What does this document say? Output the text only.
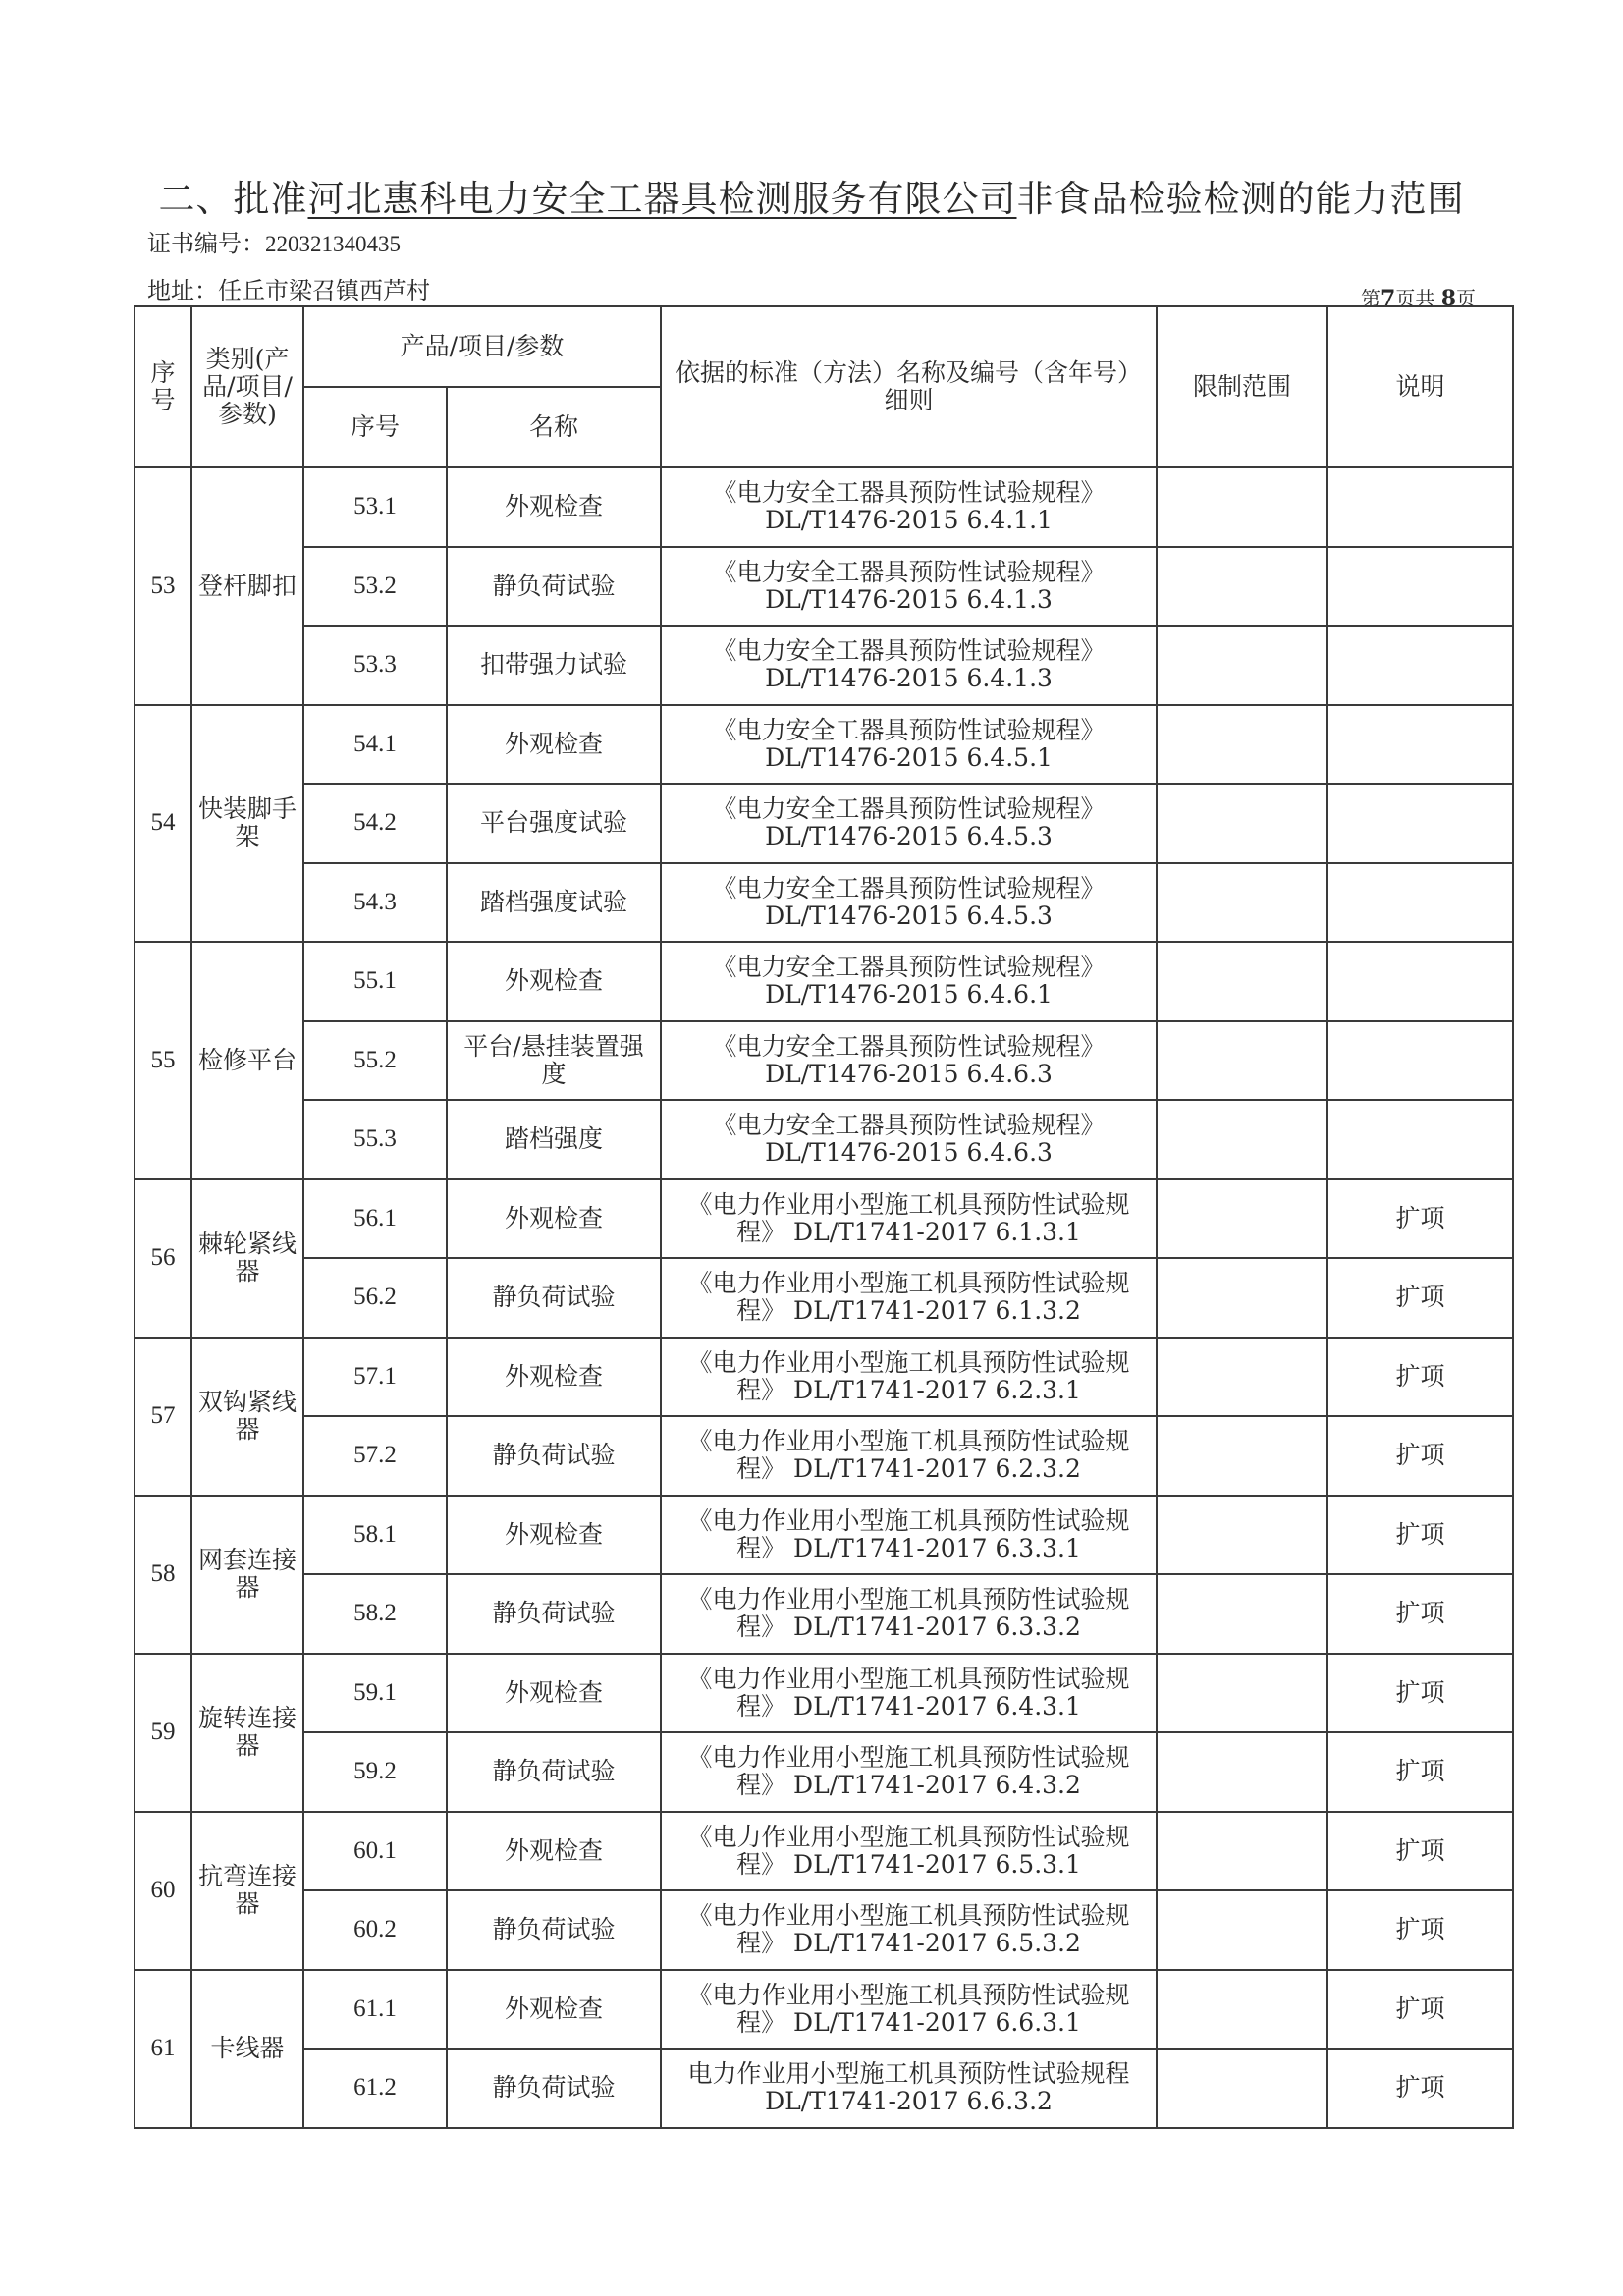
二、批准河北惠科电力安全工器具检测服务有限公司非食品检验检测的能力范围
证书编号：220321340435
地址：任丘市梁召镇西芦村	第7页共 8页
序号	类别(产品/项目/参数)	产品/项目/参数		依据的标准（方法）名称及编号（含年号）细则	限制范围	说明
		序号	名称			
53	登杆脚扣	53.1	外观检查	《电力安全工器具预防性试验规程》
DL/T1476-2015 6.4.1.1		

		53.2	静负荷试验	《电力安全工器具预防性试验规程》
DL/T1476-2015 6.4.1.3		

		53.3	扣带强力试验	《电力安全工器具预防性试验规程》
DL/T1476-2015 6.4.1.3		

54	快装脚手架	54.1	外观检查	《电力安全工器具预防性试验规程》
DL/T1476-2015 6.4.5.1		

		54.2	平台强度试验	《电力安全工器具预防性试验规程》
DL/T1476-2015 6.4.5.3		

		54.3	踏档强度试验	《电力安全工器具预防性试验规程》
DL/T1476-2015 6.4.5.3		

55	检修平台	55.1	外观检查	《电力安全工器具预防性试验规程》
DL/T1476-2015 6.4.6.1		

		55.2	平台/悬挂装置强度	《电力安全工器具预防性试验规程》
DL/T1476-2015 6.4.6.3		

		55.3	踏档强度	《电力安全工器具预防性试验规程》
DL/T1476-2015 6.4.6.3		

56	棘轮紧线器	56.1	外观检查	《电力作业用小型施工机具预防性试验规
程》 DL/T1741-2017 6.1.3.1		扩项
		56.2	静负荷试验	《电力作业用小型施工机具预防性试验规
程》 DL/T1741-2017 6.1.3.2		扩项
57	双钩紧线器	57.1	外观检查	《电力作业用小型施工机具预防性试验规
程》 DL/T1741-2017 6.2.3.1		扩项
		57.2	静负荷试验	《电力作业用小型施工机具预防性试验规
程》 DL/T1741-2017 6.2.3.2		扩项
58	网套连接器	58.1	外观检查	《电力作业用小型施工机具预防性试验规
程》 DL/T1741-2017 6.3.3.1		扩项
		58.2	静负荷试验	《电力作业用小型施工机具预防性试验规
程》 DL/T1741-2017 6.3.3.2		扩项
59	旋转连接器	59.1	外观检查	《电力作业用小型施工机具预防性试验规
程》 DL/T1741-2017 6.4.3.1		扩项
		59.2	静负荷试验	《电力作业用小型施工机具预防性试验规
程》 DL/T1741-2017 6.4.3.2		扩项
60	抗弯连接器	60.1	外观检查	《电力作业用小型施工机具预防性试验规
程》 DL/T1741-2017 6.5.3.1		扩项
		60.2	静负荷试验	《电力作业用小型施工机具预防性试验规
程》 DL/T1741-2017 6.5.3.2		扩项
61	卡线器	61.1	外观检查	《电力作业用小型施工机具预防性试验规
程》 DL/T1741-2017 6.6.3.1		扩项
		61.2	静负荷试验	电力作业用小型施工机具预防性试验规程
DL/T1741-2017 6.6.3.2		扩项
